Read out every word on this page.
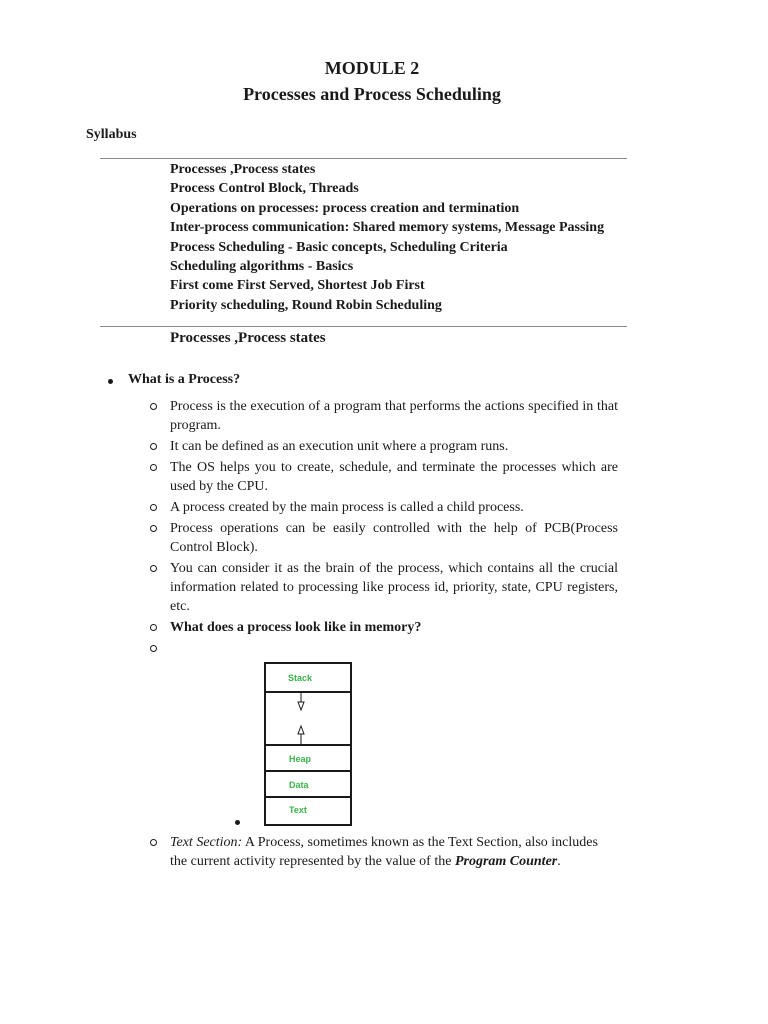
MODULE 2
Processes and Process Scheduling
Syllabus
Processes ,Process states
Process Control Block, Threads
Operations on processes: process creation and termination
Inter-process communication: Shared memory systems, Message Passing
Process Scheduling - Basic concepts, Scheduling Criteria
Scheduling algorithms - Basics
First come First Served, Shortest Job First
Priority scheduling, Round Robin Scheduling
Processes ,Process states
What is a Process?
Process is the execution of a program that performs the actions specified in that program.
It can be defined as an execution unit where a program runs.
The OS helps you to create, schedule, and terminate the processes which are used by the CPU.
A process created by the main process is called a child process.
Process operations can be easily controlled with the help of PCB(Process Control Block).
You can consider it as the brain of the process, which contains all the crucial information related to processing like process id, priority, state, CPU registers, etc.
What does a process look like in memory?
Stack
Heap
Data
Text

Text Section: A Process, sometimes known as the Text Section, also includes the current activity represented by the value of the Program Counter.
